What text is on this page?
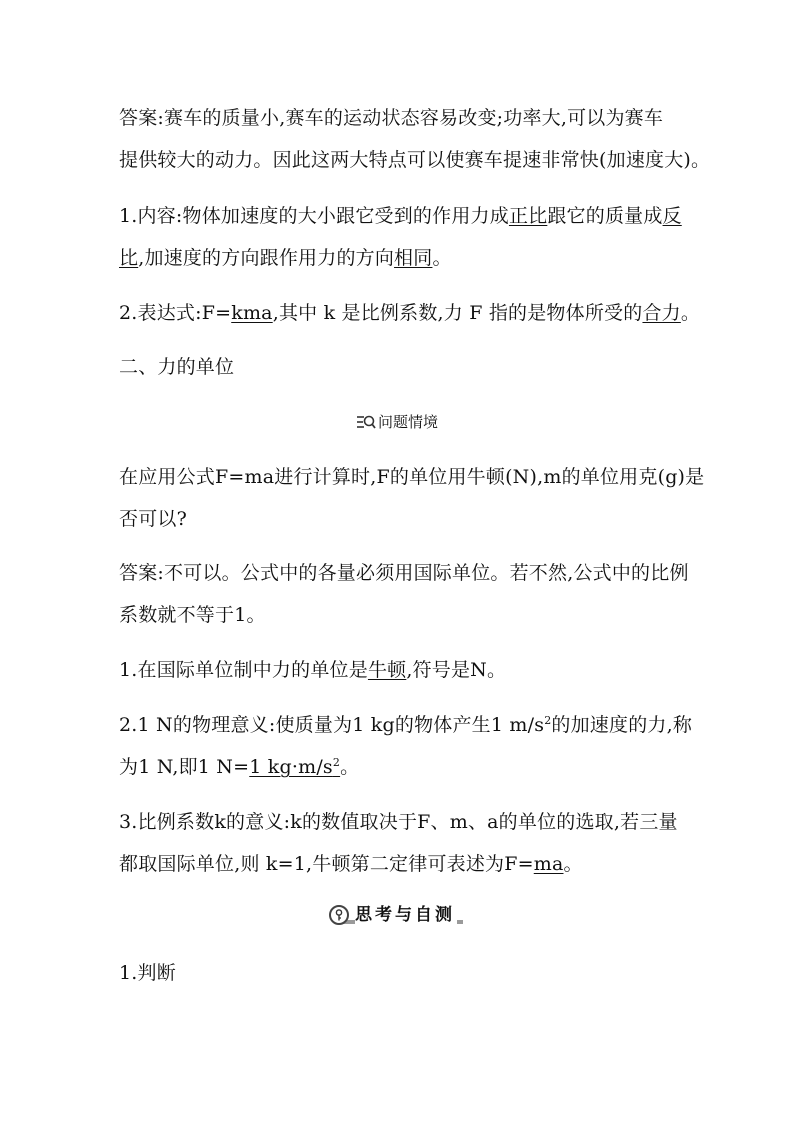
答案:赛车的质量小,赛车的运动状态容易改变;功率大,可以为赛车
提供较大的动力。因此这两大特点可以使赛车提速非常快(加速度大)。
1.内容:物体加速度的大小跟它受到的作用力成正比跟它的质量成反
比,加速度的方向跟作用力的方向相同。
2.表达式:F=kma,其中 k 是比例系数,力 F 指的是物体所受的合力。
二、力的单位
问题情境
在应用公式F=ma进行计算时,F的单位用牛顿(N),m的单位用克(g)是
否可以?
答案:不可以。公式中的各量必须用国际单位。若不然,公式中的比例
系数就不等于1。
1.在国际单位制中力的单位是牛顿,符号是N。
2.1 N的物理意义:使质量为1 kg的物体产生1 $m/s^2$的加速度的力,称
为1 N,即1 N=1 $kg\cdot m/s^2$。
3.比例系数k的意义:k的数值取决于F、m、a的单位的选取,若三量
都取国际单位,则 k=1,牛顿第二定律可表述为F=ma。
思考与自测
1.判断
